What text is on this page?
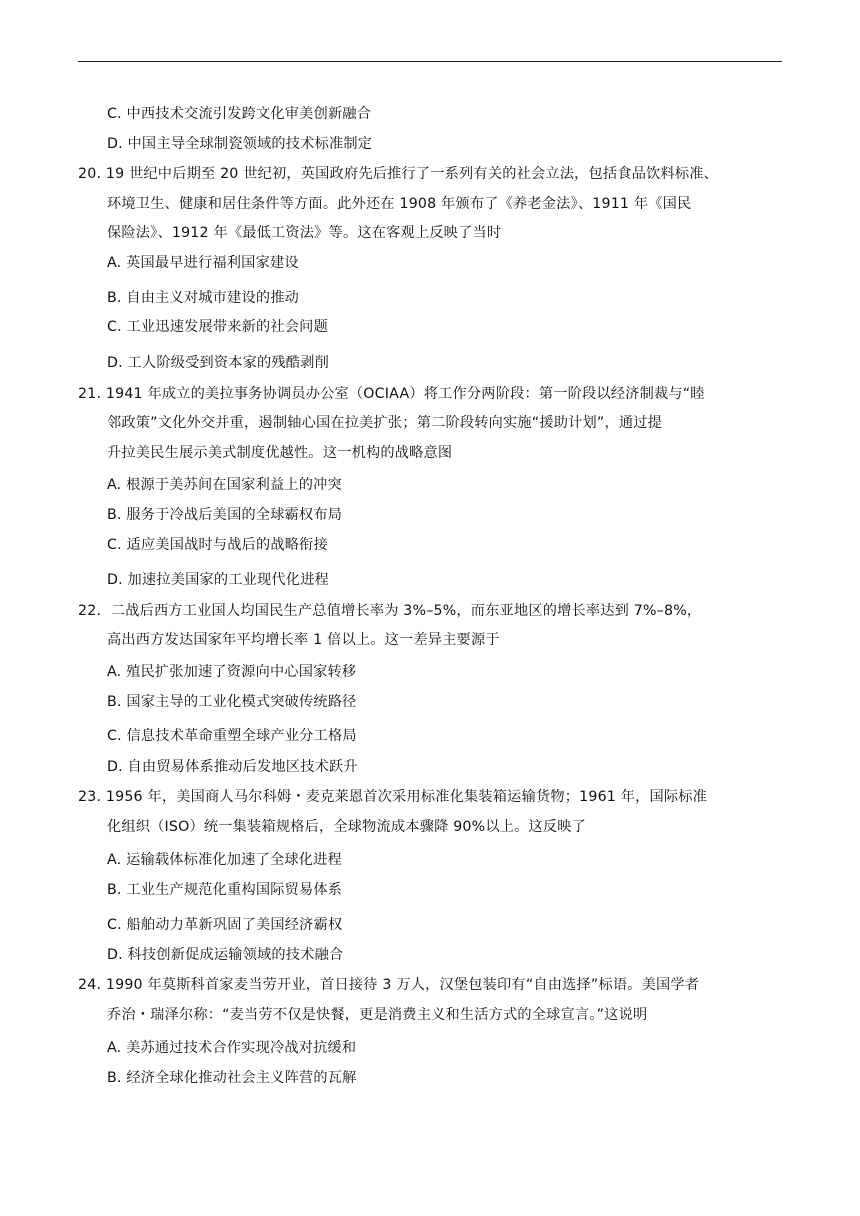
C. 中西技术交流引发跨文化审美创新融合
D. 中国主导全球制瓷领域的技术标准制定
20. 19 世纪中后期至 20 世纪初，英国政府先后推行了一系列有关的社会立法，包括食品饮料标准、
环境卫生、健康和居住条件等方面。此外还在 1908 年颁布了《养老金法》、1911 年《国民
保险法》、1912 年《最低工资法》等。这在客观上反映了当时
A. 英国最早进行福利国家建设
B. 自由主义对城市建设的推动
C. 工业迅速发展带来新的社会问题
D. 工人阶级受到资本家的残酷剥削
21. 1941 年成立的美拉事务协调员办公室（OCIAA）将工作分两阶段：第一阶段以经济制裁与“睦
邻政策”文化外交并重，遏制轴心国在拉美扩张；第二阶段转向实施“援助计划”，通过提
升拉美民生展示美式制度优越性。这一机构的战略意图
A. 根源于美苏间在国家利益上的冲突
B. 服务于冷战后美国的全球霸权布局
C. 适应美国战时与战后的战略衔接
D. 加速拉美国家的工业现代化进程
22．二战后西方工业国人均国民生产总值增长率为 3%–5%，而东亚地区的增长率达到 7%–8%，
高出西方发达国家年平均增长率 1 倍以上。这一差异主要源于
A. 殖民扩张加速了资源向中心国家转移
B. 国家主导的工业化模式突破传统路径
C. 信息技术革命重塑全球产业分工格局
D. 自由贸易体系推动后发地区技术跃升
23. 1956 年，美国商人马尔科姆・麦克莱恩首次采用标准化集装箱运输货物；1961 年，国际标准
化组织（ISO）统一集装箱规格后，全球物流成本骤降 90%以上。这反映了
A. 运输载体标准化加速了全球化进程
B. 工业生产规范化重构国际贸易体系
C. 船舶动力革新巩固了美国经济霸权
D. 科技创新促成运输领域的技术融合
24. 1990 年莫斯科首家麦当劳开业，首日接待 3 万人，汉堡包装印有“自由选择”标语。美国学者
乔治・瑞泽尔称：“麦当劳不仅是快餐，更是消费主义和生活方式的全球宣言。”这说明
A. 美苏通过技术合作实现冷战对抗缓和
B. 经济全球化推动社会主义阵营的瓦解
